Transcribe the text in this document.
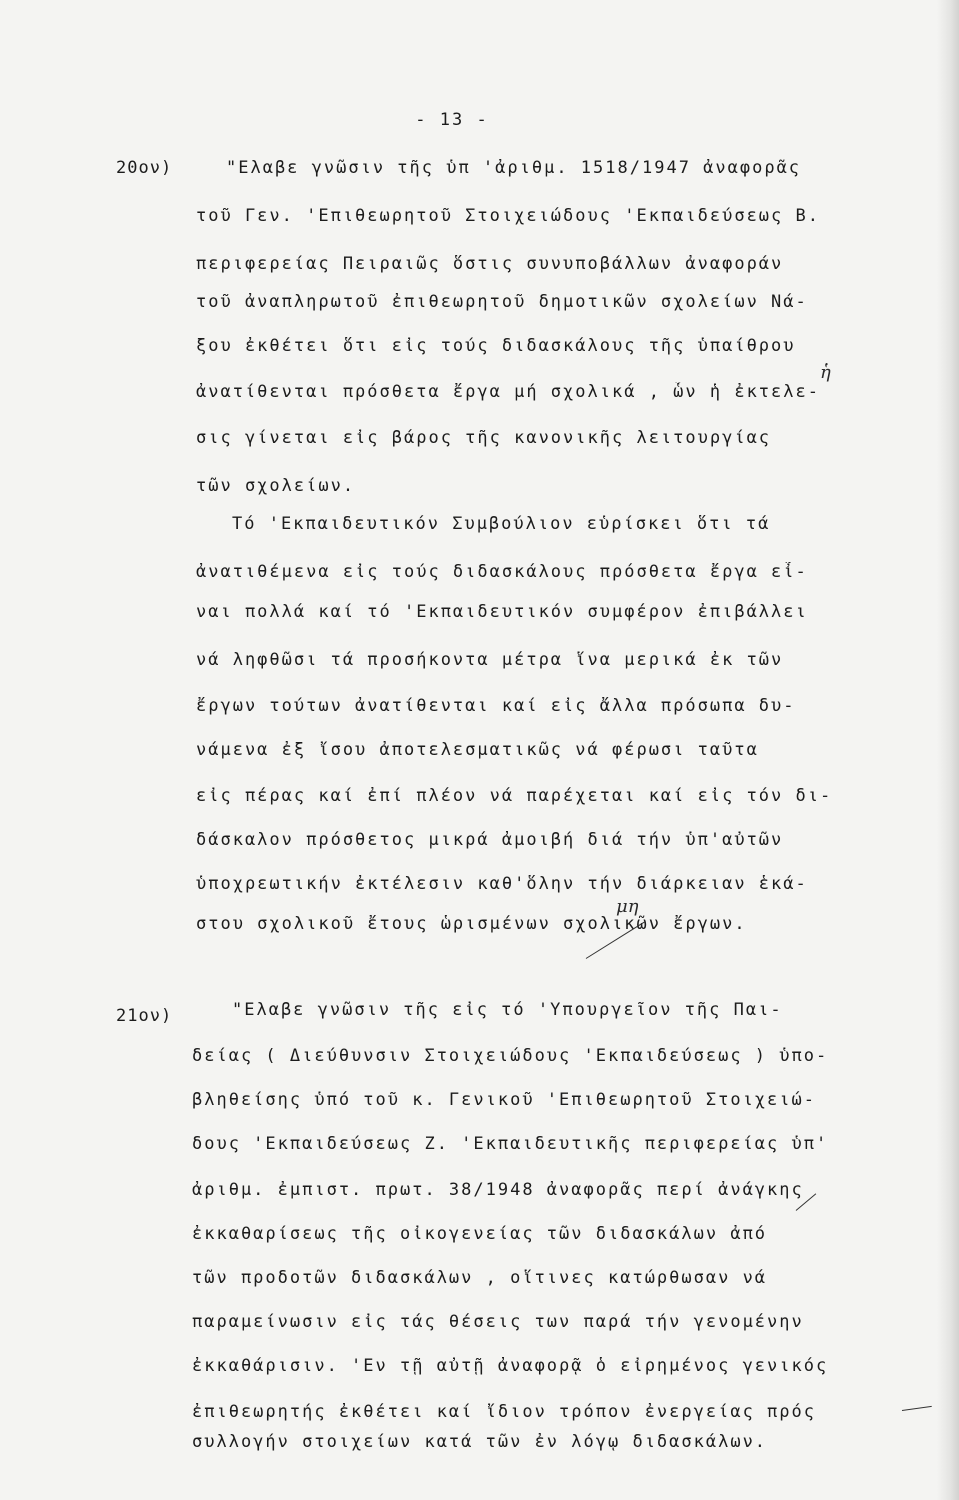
- 13 -
20ον)	"Ελαβε γνῶσιν τῆς ὑπ 'ἀριθμ. 1518/1947 ἀναφορᾶς
τοῦ Γεν. 'Επιθεωρητοῦ Στοιχειώδους 'Εκπαιδεύσεως Β.
περιφερείας Πειραιῶς ὅστις συνυποβάλλων ἀναφοράν
τοῦ ἀναπληρωτοῦ ἐπιθεωρητοῦ δημοτικῶν σχολείων Νά-
ξου ἐκθέτει ὅτι εἰς τούς διδασκάλους τῆς ὑπαίθρου
ἀνατίθενται πρόσθετα ἔργα μή σχολικά , ὧν ἡ ἐκτελε-
σις γίνεται εἰς βάρος τῆς κανονικῆς λειτουργίας
τῶν σχολείων.
Τό 'Εκπαιδευτικόν Συμβούλιον εὑρίσκει ὅτι τά
ἀνατιθέμενα εἰς τούς διδασκάλους πρόσθετα ἔργα εἶ-
ναι πολλά καί τό 'Εκπαιδευτικόν συμφέρον ἐπιβάλλει
νά ληφθῶσι τά προσήκοντα μέτρα ἵνα μερικά ἐκ τῶν
ἔργων τούτων ἀνατίθενται καί εἰς ἄλλα πρόσωπα δυ-
νάμενα ἐξ ἴσου ἀποτελεσματικῶς νά φέρωσι ταῦτα
εἰς πέρας καί ἐπί πλέον νά παρέχεται καί εἰς τόν δι-
δάσκαλον πρόσθετος μικρά ἀμοιβή διά τήν ὑπ'αὐτῶν
ὑποχρεωτικήν ἐκτέλεσιν καθ'ὅλην τήν διάρκειαν ἑκά-
στου σχολικοῦ ἔτους ὡρισμένων σχολικῶν ἔργων.
ἡ
μη
21ον)	"Ελαβε γνῶσιν τῆς εἰς τό 'Υπουργεῖον τῆς Παι-
δείας ( Διεύθυνσιν Στοιχειώδους 'Εκπαιδεύσεως ) ὑπο-
βληθείσης ὑπό τοῦ κ. Γενικοῦ 'Επιθεωρητοῦ Στοιχειώ-
δους 'Εκπαιδεύσεως Ζ. 'Εκπαιδευτικῆς περιφερείας ὑπ'
ἀριθμ. ἐμπιστ. πρωτ. 38/1948 ἀναφορᾶς περί ἀνάγκης
ἐκκαθαρίσεως τῆς οἰκογενείας τῶν διδασκάλων ἀπό
τῶν προδοτῶν διδασκάλων , οἵτινες κατώρθωσαν νά
παραμείνωσιν εἰς τάς θέσεις των παρά τήν γενομένην
ἐκκαθάρισιν. 'Εν τῇ αὐτῇ ἀναφορᾷ ὁ εἰρημένος γενικός
ἐπιθεωρητής ἐκθέτει καί ἴδιον τρόπον ἐνεργείας πρός
συλλογήν στοιχείων κατά τῶν ἐν λόγῳ διδασκάλων.
